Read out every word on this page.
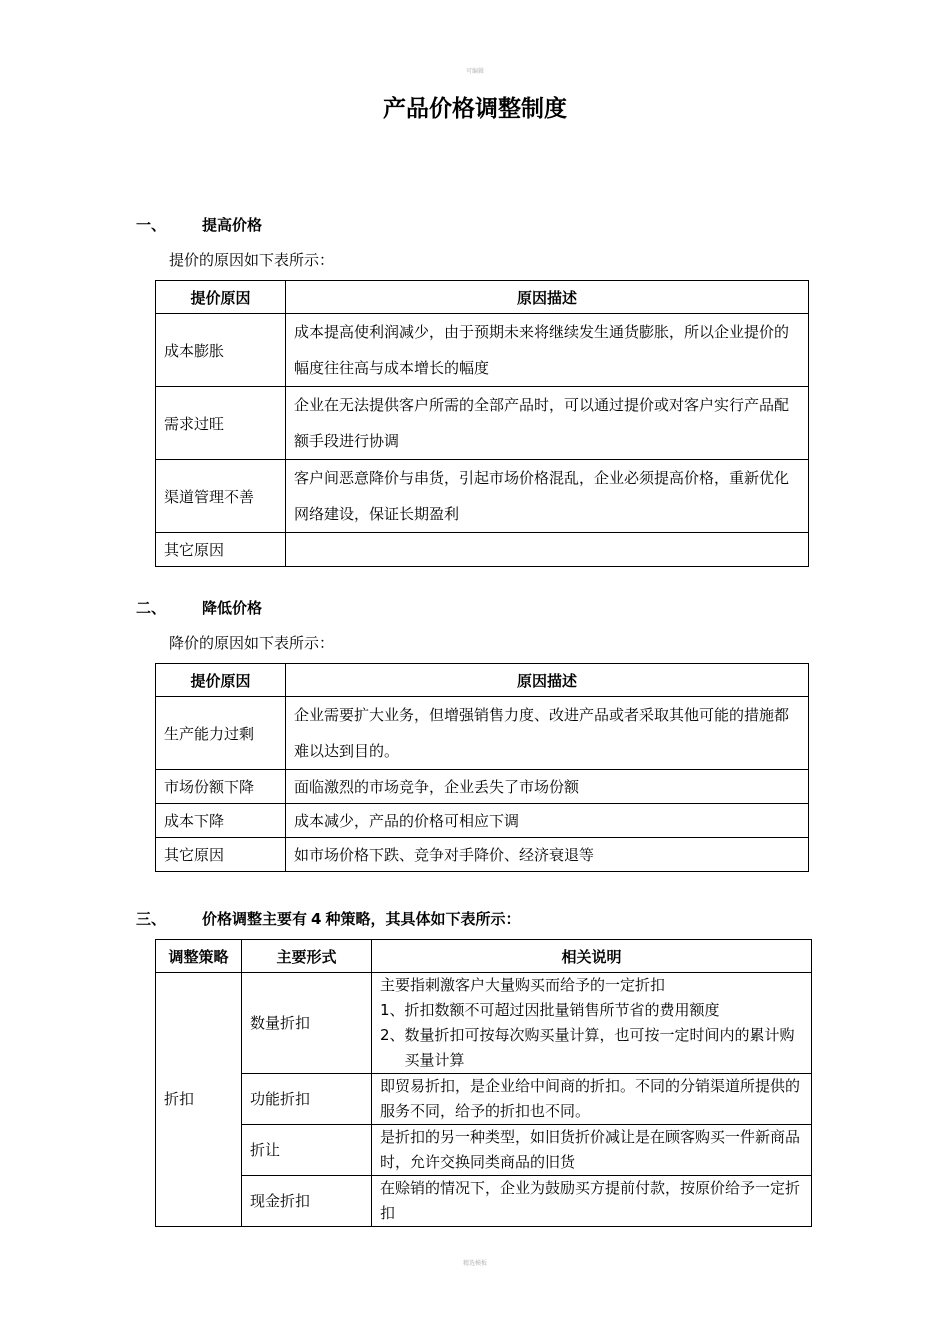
可编辑
产品价格调整制度
一、 提高价格
提价的原因如下表所示：
提价原因	原因描述
成本膨胀	成本提高使利润减少，由于预期未来将继续发生通货膨胀，所以企业提价的幅度往往高与成本增长的幅度
需求过旺	企业在无法提供客户所需的全部产品时，可以通过提价或对客户实行产品配额手段进行协调
渠道管理不善	客户间恶意降价与串货，引起市场价格混乱，企业必须提高价格，重新优化网络建设，保证长期盈利
其它原因	
二、 降低价格
降价的原因如下表所示：
提价原因	原因描述
生产能力过剩	企业需要扩大业务，但增强销售力度、改进产品或者采取其他可能的措施都难以达到目的。
市场份额下降	面临激烈的市场竞争，企业丢失了市场份额
成本下降	成本减少，产品的价格可相应下调
其它原因	如市场价格下跌、竞争对手降价、经济衰退等
三、 价格调整主要有 4 种策略，其具体如下表所示：
调整策略	主要形式	相关说明
折扣	数量折扣	主要指刺激客户大量购买而给予的一定折扣
1、 折扣数额不可超过因批量销售所节省的费用额度
2、 数量折扣可按每次购买量计算，也可按一定时间内的累计购买量计算

	功能折扣	即贸易折扣，是企业给中间商的折扣。不同的分销渠道所提供的服务不同，给予的折扣也不同。
	折让	是折扣的另一种类型，如旧货折价减让是在顾客购买一件新商品时，允许交换同类商品的旧货
	现金折扣	在赊销的情况下，企业为鼓励买方提前付款，按原价给予一定折扣
精选模板
